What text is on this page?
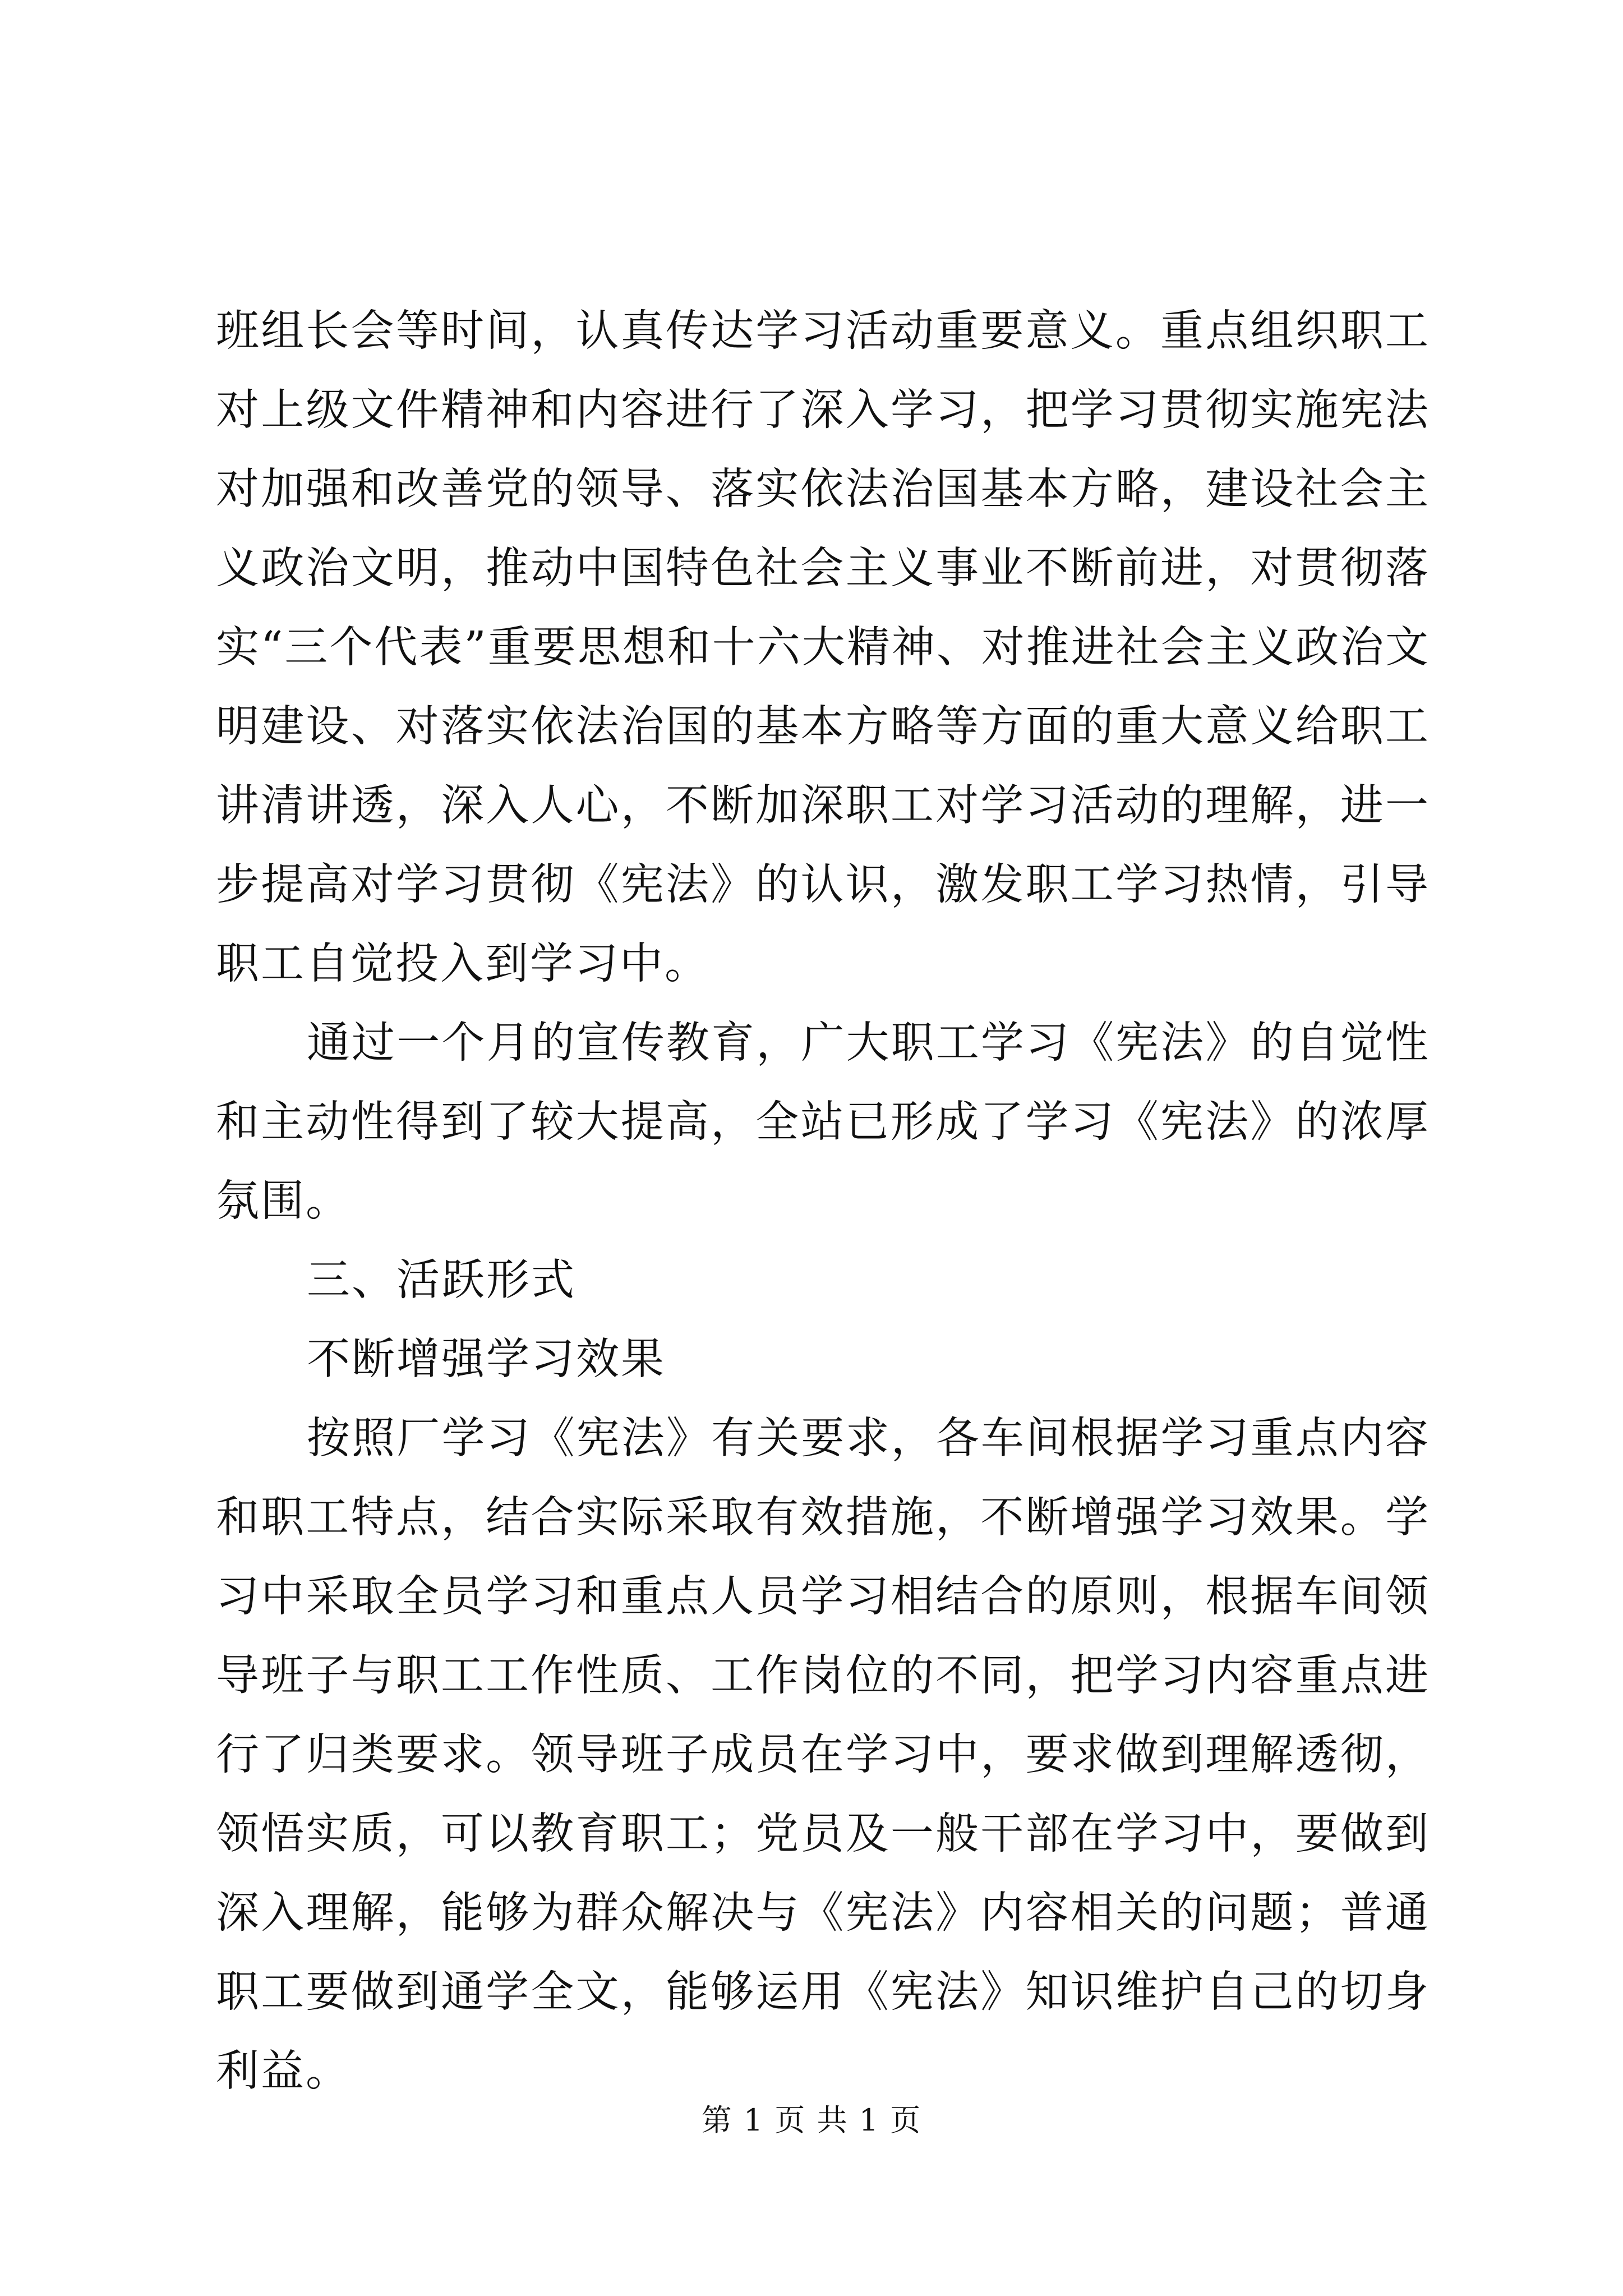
班组长会等时间，认真传达学习活动重要意义。重点组织职工对上级文件精神和内容进行了深入学习，把学习贯彻实施宪法对加强和改善党的领导、落实依法治国基本方略，建设社会主义政治文明，推动中国特色社会主义事业不断前进，对贯彻落实“三个代表”重要思想和十六大精神、对推进社会主义政治文明建设、对落实依法治国的基本方略等方面的重大意义给职工讲清讲透，深入人心，不断加深职工对学习活动的理解，进一步提高对学习贯彻《宪法》的认识，激发职工学习热情，引导职工自觉投入到学习中。

通过一个月的宣传教育，广大职工学习《宪法》的自觉性和主动性得到了较大提高，全站已形成了学习《宪法》的浓厚氛围。

三、活跃形式

不断增强学习效果

按照厂学习《宪法》有关要求，各车间根据学习重点内容和职工特点，结合实际采取有效措施，不断增强学习效果。学习中采取全员学习和重点人员学习相结合的原则，根据车间领导班子与职工工作性质、工作岗位的不同，把学习内容重点进行了归类要求。领导班子成员在学习中，要求做到理解透彻，领悟实质，可以教育职工；党员及一般干部在学习中，要做到深入理解，能够为群众解决与《宪法》内容相关的问题；普通职工要做到通学全文，能够运用《宪法》知识维护自己的切身利益。

第 1 页 共 1 页
